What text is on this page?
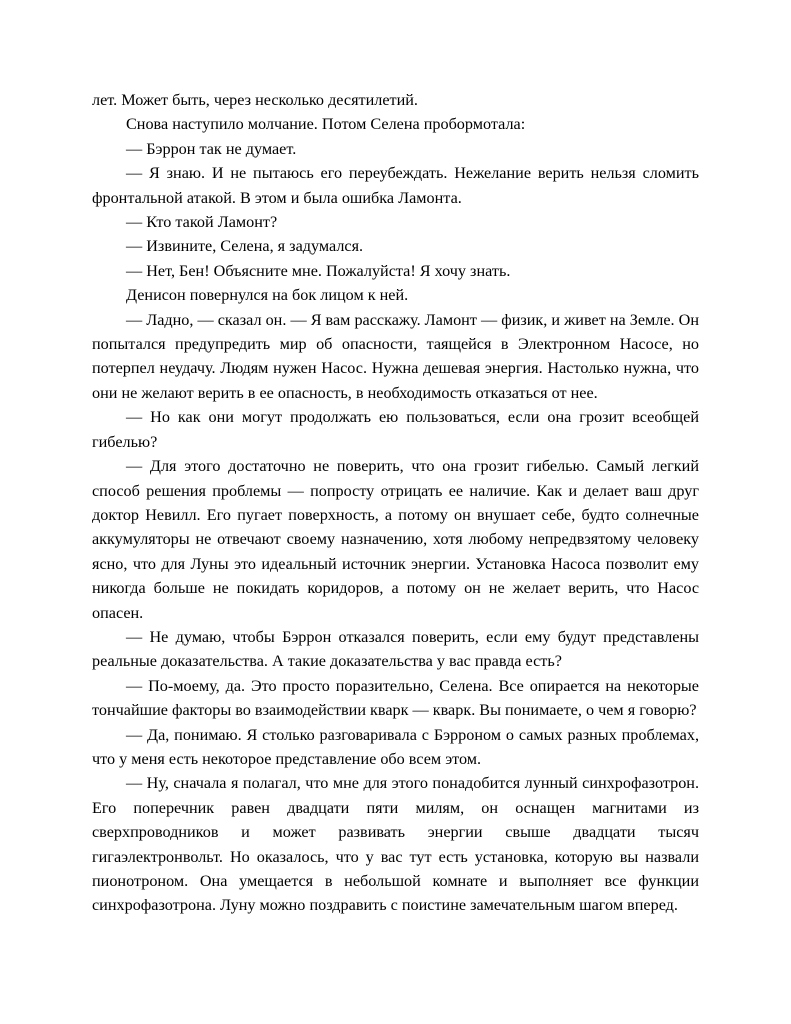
лет. Может быть, через несколько десятилетий.

Снова наступило молчание. Потом Селена пробормотала:

— Бэррон так не думает.

— Я знаю. И не пытаюсь его переубеждать. Нежелание верить нельзя сломить фронтальной атакой. В этом и была ошибка Ламонта.

— Кто такой Ламонт?

— Извините, Селена, я задумался.

— Нет, Бен! Объясните мне. Пожалуйста! Я хочу знать.

Денисон повернулся на бок лицом к ней.

— Ладно, — сказал он. — Я вам расскажу. Ламонт — физик, и живет на Земле. Он попытался предупредить мир об опасности, таящейся в Электронном Насосе, но потерпел неудачу. Людям нужен Насос. Нужна дешевая энергия. Настолько нужна, что они не желают верить в ее опасность, в необходимость отказаться от нее.

— Но как они могут продолжать ею пользоваться, если она грозит всеобщей гибелью?

— Для этого достаточно не поверить, что она грозит гибелью. Самый легкий способ решения проблемы — попросту отрицать ее наличие. Как и делает ваш друг доктор Невилл. Его пугает поверхность, а потому он внушает себе, будто солнечные аккумуляторы не отвечают своему назначению, хотя любому непредвзятому человеку ясно, что для Луны это идеальный источник энергии. Установка Насоса позволит ему никогда больше не покидать коридоров, а потому он не желает верить, что Насос опасен.

— Не думаю, чтобы Бэррон отказался поверить, если ему будут представлены реальные доказательства. А такие доказательства у вас правда есть?

— По-моему, да. Это просто поразительно, Селена. Все опирается на некоторые тончайшие факторы во взаимодействии кварк — кварк. Вы понимаете, о чем я говорю?

— Да, понимаю. Я столько разговаривала с Бэрроном о самых разных проблемах, что у меня есть некоторое представление обо всем этом.

— Ну, сначала я полагал, что мне для этого понадобится лунный синхрофазотрон. Его поперечник равен двадцати пяти милям, он оснащен магнитами из сверхпроводников и может развивать энергии свыше двадцати тысяч гигаэлектронвольт. Но оказалось, что у вас тут есть установка, которую вы назвали пионотроном. Она умещается в небольшой комнате и выполняет все функции синхрофазотрона. Луну можно поздравить с поистине замечательным шагом вперед.
